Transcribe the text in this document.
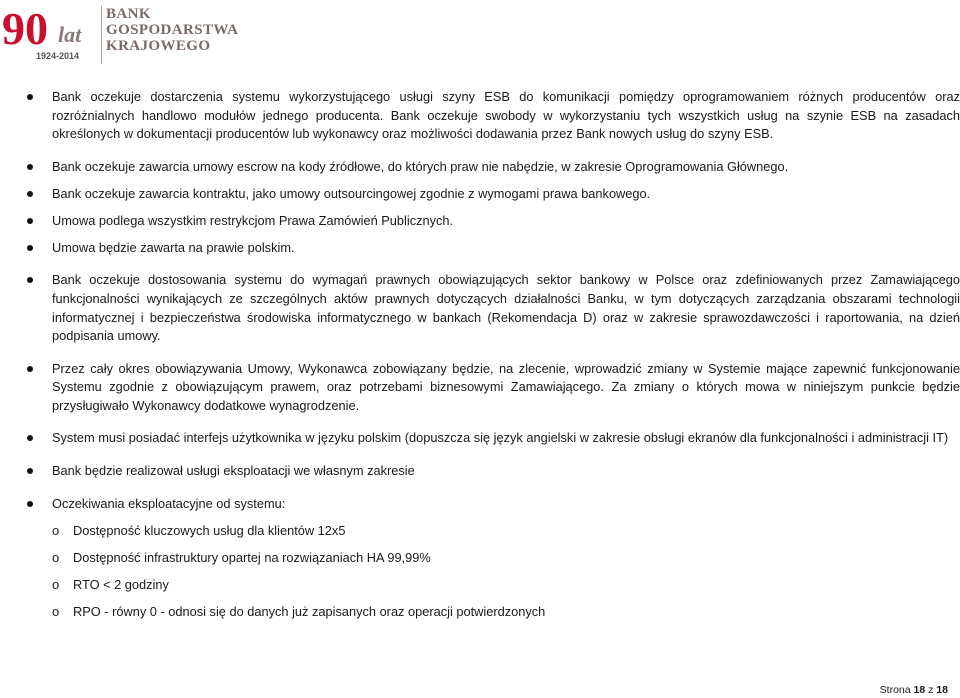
90 lat
1924-2014
BANK
GOSPODARSTWA
KRAJOWEGO
Bank oczekuje dostarczenia systemu wykorzystującego usługi szyny ESB do komunikacji pomiędzy oprogramowaniem różnych producentów oraz rozróżnialnych handlowo modułów jednego producenta. Bank oczekuje swobody w wykorzystaniu tych wszystkich usług na szynie ESB na zasadach określonych w dokumentacji producentów lub wykonawcy oraz możliwości dodawania przez Bank nowych usług do szyny ESB.
Bank oczekuje zawarcia umowy escrow na kody źródłowe, do których praw nie nabędzie, w zakresie Oprogramowania Głównego.
Bank oczekuje zawarcia kontraktu, jako umowy outsourcingowej zgodnie z wymogami prawa bankowego.
Umowa podlega wszystkim restrykcjom Prawa Zamówień Publicznych.
Umowa będzie zawarta na prawie polskim.
Bank oczekuje dostosowania systemu do wymagań prawnych obowiązujących sektor bankowy w Polsce oraz zdefiniowanych przez Zamawiającego funkcjonalności wynikających ze szczególnych aktów prawnych dotyczących działalności Banku, w tym dotyczących zarządzania obszarami technologii informatycznej i bezpieczeństwa środowiska informatycznego w bankach (Rekomendacja D) oraz w zakresie sprawozdawczości i raportowania, na dzień podpisania umowy.
Przez cały okres obowiązywania Umowy, Wykonawca zobowiązany będzie, na zlecenie, wprowadzić zmiany w Systemie mające zapewnić funkcjonowanie Systemu zgodnie z obowiązującym prawem, oraz potrzebami biznesowymi Zamawiającego. Za zmiany o których mowa w niniejszym punkcie będzie przysługiwało Wykonawcy dodatkowe wynagrodzenie.
System musi posiadać interfejs użytkownika w języku polskim (dopuszcza się język angielski w zakresie obsługi ekranów dla funkcjonalności i administracji IT)
Bank będzie realizował usługi eksploatacji we własnym zakresie
Oczekiwania eksploatacyjne od systemu:
o Dostępność kluczowych usług dla klientów 12x5
o Dostępność infrastruktury opartej na rozwiązaniach HA 99,99%
o RTO < 2 godziny
o RPO - równy 0 - odnosi się do danych już zapisanych oraz operacji potwierdzonych
Strona 18 z 18
